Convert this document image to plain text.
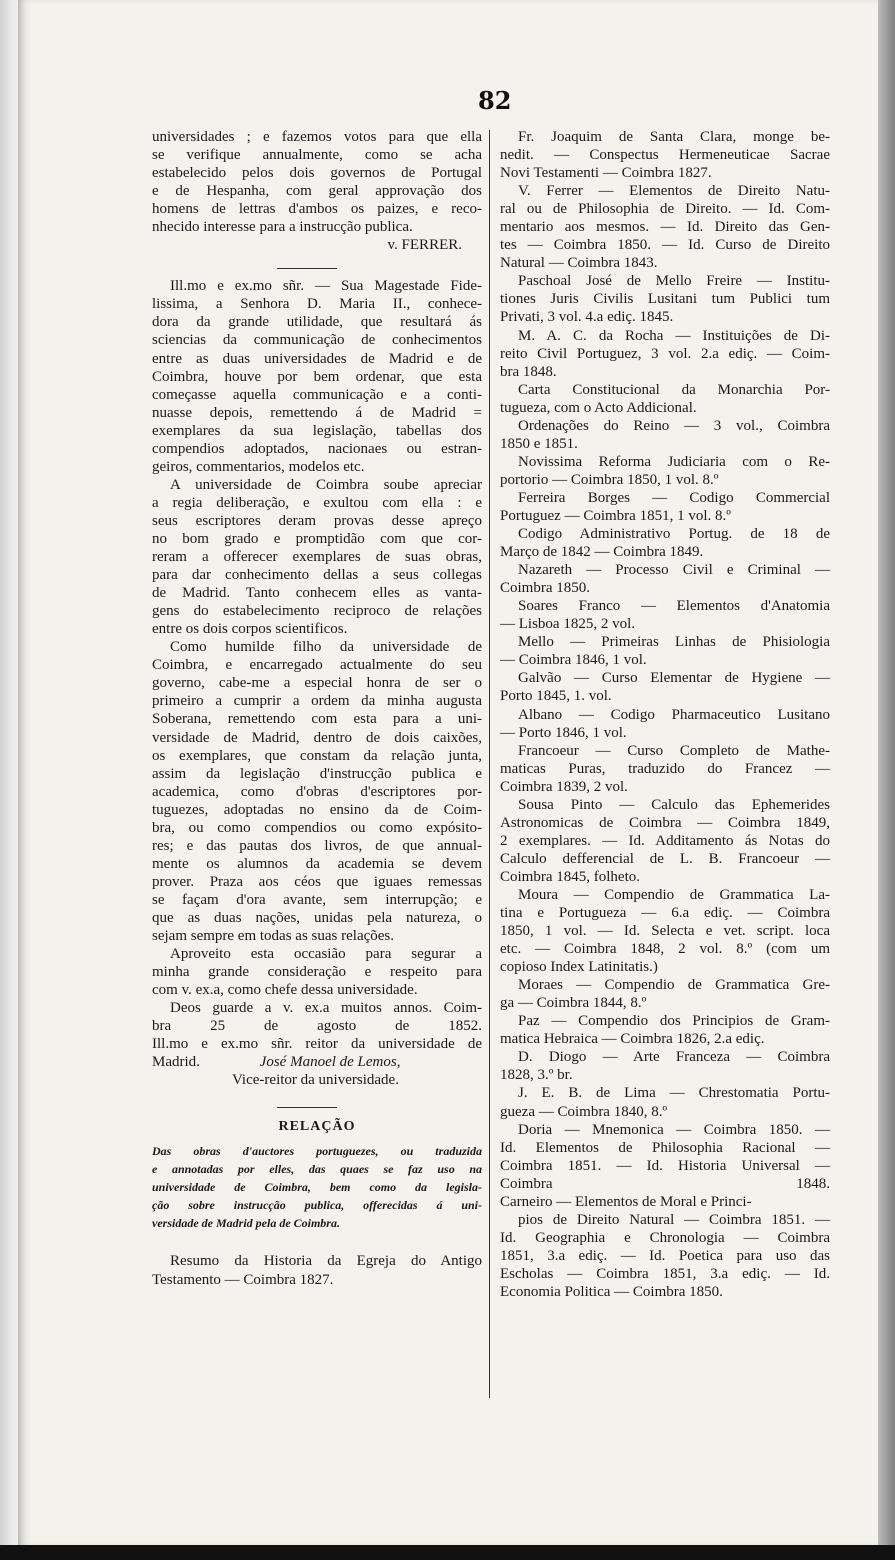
82
universidades ; e fazemos votos para que ella
se verifique annualmente, como se acha
estabelecido pelos dois governos de Portugal
e de Hespanha, com geral approvação dos
homens de lettras d'ambos os paizes, e reco-
nhecido interesse para a instrucção publica.
v. FERRER.
Ill.mo e ex.mo sñr. — Sua Magestade Fide-
lissima, a Senhora D. Maria II., conhece-
dora da grande utilidade, que resultará ás
sciencias da communicação de conhecimentos
entre as duas universidades de Madrid e de
Coimbra, houve por bem ordenar, que esta
começasse aquella communicação e a conti-
nuasse depois, remettendo á de Madrid =
exemplares da sua legislação, tabellas dos
compendios adoptados, nacionaes ou estran-
geiros, commentarios, modelos etc.
A universidade de Coimbra soube apreciar
a regia deliberação, e exultou com ella : e
seus escriptores deram provas desse apreço
no bom grado e promptidão com que cor-
reram a offerecer exemplares de suas obras,
para dar conhecimento dellas a seus collegas
de Madrid. Tanto conhecem elles as vanta-
gens do estabelecimento reciproco de relações
entre os dois corpos scientificos.
Como humilde filho da universidade de
Coimbra, e encarregado actualmente do seu
governo, cabe-me a especial honra de ser o
primeiro a cumprir a ordem da minha augusta
Soberana, remettendo com esta para a uni-
versidade de Madrid, dentro de dois caixões,
os exemplares, que constam da relação junta,
assim da legislação d'instrucção publica e
academica, como d'obras d'escriptores por-
tuguezes, adoptadas no ensino da de Coim-
bra, ou como compendios ou como expósito-
res; e das pautas dos livros, de que annual-
mente os alumnos da academia se devem
prover. Praza aos céos que iguaes remessas
se façam d'ora avante, sem interrupção; e
que as duas nações, unidas pela natureza, o
sejam sempre em todas as suas relações.
Aproveito esta occasião para segurar a
minha grande consideração e respeito para
com v. ex.a, como chefe dessa universidade.
Deos guarde a v. ex.a muitos annos. Coim-
bra 25 de agosto de 1852.
Ill.mo e ex.mo sñr. reitor da universidade de
Madrid.	José Manoel de Lemos,
Vice-reitor da universidade.
RELAÇÃO
Das obras d'auctores portuguezes, ou traduzida
e annotadas por elles, das quaes se faz uso na
universidade de Coimbra, bem como da legisla-
ção sobre instrucção publica, offerecidas á uni-
versidade de Madrid pela de Coimbra.
Resumo da Historia da Egreja do Antigo
Testamento — Coimbra 1827.
Fr. Joaquim de Santa Clara, monge be-
nedit. — Conspectus Hermeneuticae Sacrae
Novi Testamenti — Coimbra 1827.
V. Ferrer — Elementos de Direito Natu-
ral ou de Philosophia de Direito. — Id. Com-
mentario aos mesmos. — Id. Direito das Gen-
tes — Coimbra 1850. — Id. Curso de Direito
Natural — Coimbra 1843.
Paschoal José de Mello Freire — Institu-
tiones Juris Civilis Lusitani tum Publici tum
Privati, 3 vol. 4.a ediç. 1845.
M. A. C. da Rocha — Instituições de Di-
reito Civil Portuguez, 3 vol. 2.a ediç. — Coim-
bra 1848.
Carta Constitucional da Monarchia Por-
tugueza, com o Acto Addicional.
Ordenações do Reino — 3 vol., Coimbra
1850 e 1851.
Novissima Reforma Judiciaria com o Re-
portorio — Coimbra 1850, 1 vol. 8.º
Ferreira Borges — Codigo Commercial
Portuguez — Coimbra 1851, 1 vol. 8.º
Codigo Administrativo Portug. de 18 de
Março de 1842 — Coimbra 1849.
Nazareth — Processo Civil e Criminal —
Coimbra 1850.
Soares Franco — Elementos d'Anatomia
— Lisboa 1825, 2 vol.
Mello — Primeiras Linhas de Phisiologia
— Coimbra 1846, 1 vol.
Galvão — Curso Elementar de Hygiene —
Porto 1845, 1. vol.
Albano — Codigo Pharmaceutico Lusitano
— Porto 1846, 1 vol.
Francoeur — Curso Completo de Mathe-
maticas Puras, traduzido do Francez —
Coimbra 1839, 2 vol.
Sousa Pinto — Calculo das Ephemerides
Astronomicas de Coimbra — Coimbra 1849,
2 exemplares. — Id. Additamento ás Notas do
Calculo defferencial de L. B. Francoeur —
Coimbra 1845, folheto.
Moura — Compendio de Grammatica La-
tina e Portugueza — 6.a ediç. — Coimbra
1850, 1 vol. — Id. Selecta e vet. script. loca
etc. — Coimbra 1848, 2 vol. 8.º (com um
copioso Index Latinitatis.)
Moraes — Compendio de Grammatica Gre-
ga — Coimbra 1844, 8.º
Paz — Compendio dos Principios de Gram-
matica Hebraica — Coimbra 1826, 2.a ediç.
D. Diogo — Arte Franceza — Coimbra
1828, 3.º br.
J. E. B. de Lima — Chrestomatia Portu-
gueza — Coimbra 1840, 8.º
Doria — Mnemonica — Coimbra 1850. —
Id. Elementos de Philosophia Racional —
Coimbra 1851. — Id. Historia Universal —
Coimbra 1848.
Carneiro — Elementos de Moral e Princi-
pios de Direito Natural — Coimbra 1851. —
Id. Geographia e Chronologia — Coimbra
1851, 3.a ediç. — Id. Poetica para uso das
Escholas — Coimbra 1851, 3.a ediç. — Id.
Economia Politica — Coimbra 1850.
